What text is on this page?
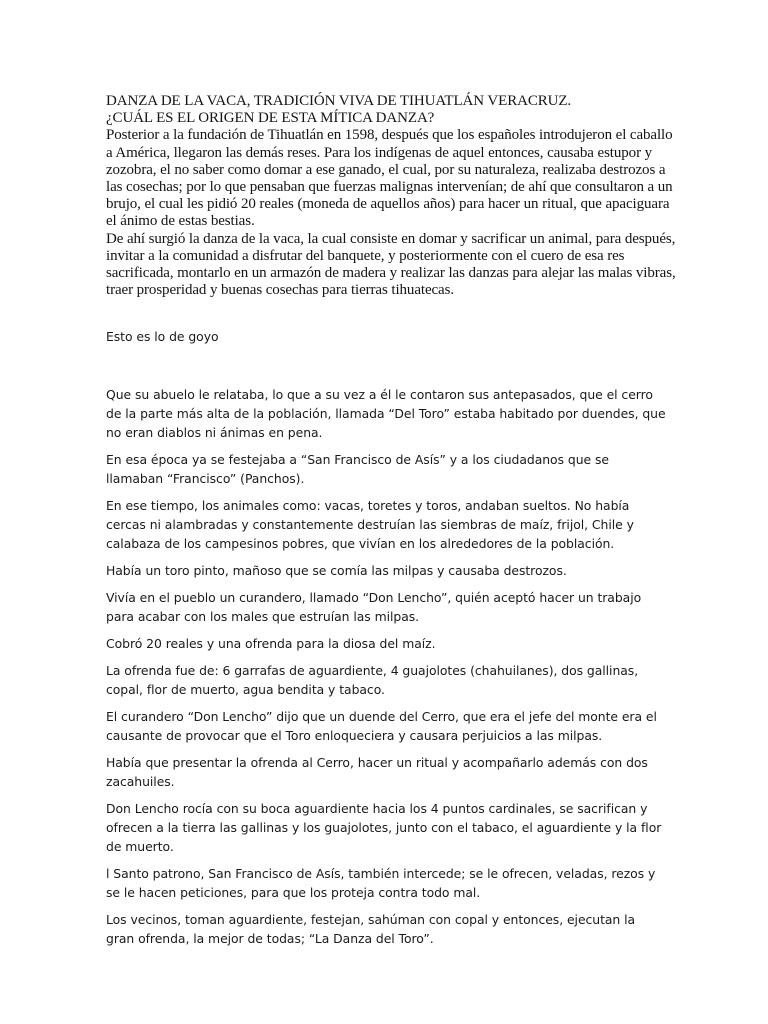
DANZA DE LA VACA, TRADICIÓN VIVA DE TIHUATLÁN VERACRUZ.

¿CUÁL ES EL ORIGEN DE ESTA MÍTICA DANZA?

Posterior a la fundación de Tihuatlán en 1598, después que los españoles introdujeron el caballo a América, llegaron las demás reses. Para los indígenas de aquel entonces, causaba estupor y zozobra, el no saber como domar a ese ganado, el cual, por su naturaleza, realizaba destrozos a las cosechas; por lo que pensaban que fuerzas malignas intervenían; de ahí que consultaron a un brujo, el cual les pidió 20 reales (moneda de aquellos años) para hacer un ritual, que apaciguara el ánimo de estas bestias.

De ahí surgió la danza de la vaca, la cual consiste en domar y sacrificar un animal, para después, invitar a la comunidad a disfrutar del banquete, y posteriormente con el cuero de esa res sacrificada, montarlo en un armazón de madera y realizar las danzas para alejar las malas vibras, traer prosperidad y buenas cosechas para tierras tihuatecas.

Esto es lo de goyo

Que su abuelo le relataba, lo que a su vez a él le contaron sus antepasados, que el cerro de la parte más alta de la población, llamada “Del Toro” estaba habitado por duendes, que no eran diablos ni ánimas en pena.

En esa época ya se festejaba a “San Francisco de Asís” y a los ciudadanos que se llamaban “Francisco” (Panchos).

En ese tiempo, los animales como: vacas, toretes y toros, andaban sueltos. No había cercas ni alambradas y constantemente destruían las siembras de maíz, frijol, Chile y calabaza de los campesinos pobres, que vivían en los alrededores de la población.

Había un toro pinto, mañoso que se comía las milpas y causaba destrozos.

Vivía en el pueblo un curandero, llamado “Don Lencho”, quién aceptó hacer un trabajo para acabar con los males que estruían las milpas.

Cobró 20 reales y una ofrenda para la diosa del maíz.

La ofrenda fue de: 6 garrafas de aguardiente, 4 guajolotes (chahuilanes), dos gallinas, copal, flor de muerto, agua bendita y tabaco.

El curandero “Don Lencho” dijo que un duende del Cerro, que era el jefe del monte era el causante de provocar que el Toro enloqueciera y causara perjuicios a las milpas.

Había que presentar la ofrenda al Cerro, hacer un ritual y acompañarlo además con dos zacahuiles.

Don Lencho rocía con su boca aguardiente hacia los 4 puntos cardinales, se sacrifican y ofrecen a la tierra las gallinas y los guajolotes, junto con el tabaco, el aguardiente y la flor de muerto.

l Santo patrono, San Francisco de Asís, también intercede; se le ofrecen, veladas, rezos y se le hacen peticiones, para que los proteja contra todo mal.

Los vecinos, toman aguardiente, festejan, sahúman con copal y entonces, ejecutan la gran ofrenda, la mejor de todas; “La Danza del Toro”.
